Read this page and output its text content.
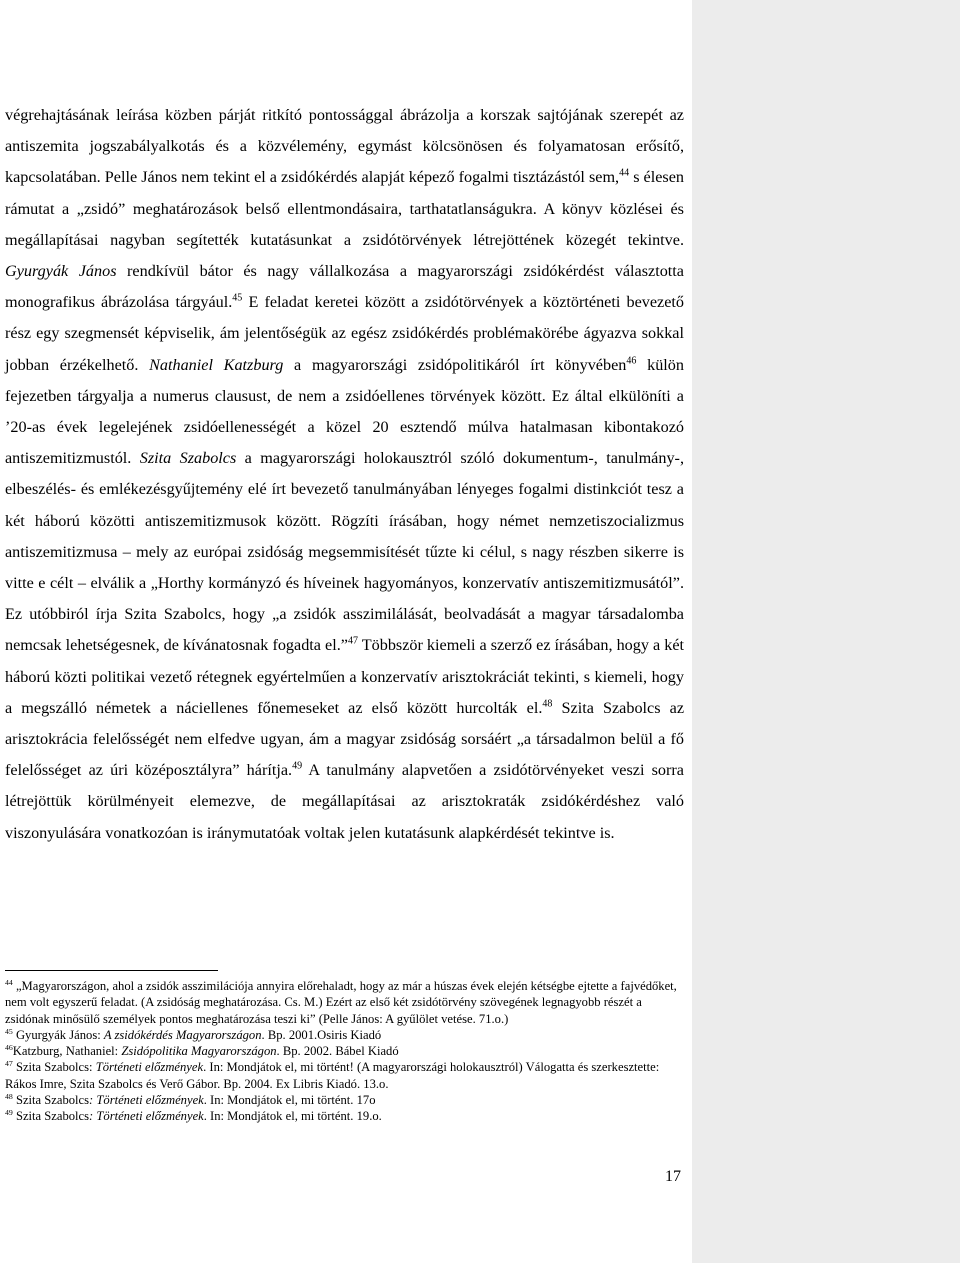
végrehajtásának leírása közben párját ritkító pontossággal ábrázolja a korszak sajtójának szerepét az antiszemita jogszabályalkotás és a közvélemény, egymást kölcsönösen és folyamatosan erősítő, kapcsolatában. Pelle János nem tekint el a zsidókérdés alapját képező fogalmi tisztázástól sem,$^{44}$ s élesen rámutat a „zsidó” meghatározások belső ellentmondásaira, tarthatatlanságukra. A könyv közlései és megállapításai nagyban segítették kutatásunkat a zsidótörvények létrejöttének közegét tekintve. Gyurgyák János rendkívül bátor és nagy vállalkozása a magyarországi zsidókérdést választotta monografikus ábrázolása tárgyául.$^{45}$ E feladat keretei között a zsidótörvények a köztörténeti bevezető rész egy szegmensét képviselik, ám jelentőségük az egész zsidókérdés problémakörébe ágyazva sokkal jobban érzékelhető. Nathaniel Katzburg a magyarországi zsidópolitikáról írt könyvében$^{46}$ külön fejezetben tárgyalja a numerus clausust, de nem a zsidóellenes törvények között. Ez által elkülöníti a ’20-as évek legelejének zsidóellenességét a közel 20 esztendő múlva hatalmasan kibontakozó antiszemitizmustól. Szita Szabolcs a magyarországi holokausztról szóló dokumentum-, tanulmány-, elbeszélés- és emlékezésgyűjtemény elé írt bevezető tanulmányában lényeges fogalmi distinkciót tesz a két háború közötti antiszemitizmusok között. Rögzíti írásában, hogy német nemzetiszocializmus antiszemitizmusa – mely az európai zsidóság megsemmisítését tűzte ki célul, s nagy részben sikerre is vitte e célt – elválik a „Horthy kormányzó és híveinek hagyományos, konzervatív antiszemitizmusától”. Ez utóbbiról írja Szita Szabolcs, hogy „a zsidók asszimilálását, beolvadását a magyar társadalomba nemcsak lehetségesnek, de kívánatosnak fogadta el.”$^{47}$ Többször kiemeli a szerző ez írásában, hogy a két háború közti politikai vezető rétegnek egyértelműen a konzervatív arisztokráciát tekinti, s kiemeli, hogy a megszálló németek a náciellenes főnemeseket az első között hurcolták el.$^{48}$ Szita Szabolcs az arisztokrácia felelősségét nem elfedve ugyan, ám a magyar zsidóság sorsáért „a társadalmon belül a fő felelősséget az úri középosztályra” hárítja.$^{49}$ A tanulmány alapvetően a zsidótörvényeket veszi sorra létrejöttük körülményeit elemezve, de megállapításai az arisztokraták zsidókérdéshez való viszonyulására vonatkozóan is iránymutatóak voltak jelen kutatásunk alapkérdését tekintve is.

$^{44}$ „Magyarországon, ahol a zsidók asszimilációja annyira előrehaladt, hogy az már a húszas évek elején kétségbe ejtette a fajvédőket, nem volt egyszerű feladat. (A zsidóság meghatározása. Cs. M.) Ezért az első két zsidótörvény szövegének legnagyobb részét a zsidónak minősülő személyek pontos meghatározása teszi ki” (Pelle János: A gyűlölet vetése. 71.o.)

$^{45}$ Gyurgyák János: A zsidókérdés Magyarországon. Bp. 2001.Osiris Kiadó

$^{46}$Katzburg, Nathaniel: Zsidópolitika Magyarországon. Bp. 2002. Bábel Kiadó

$^{47}$ Szita Szabolcs: Történeti előzmények. In: Mondjátok el, mi történt! (A magyarországi holokausztról) Válogatta és szerkesztette: Rákos Imre, Szita Szabolcs és Verő Gábor. Bp. 2004. Ex Libris Kiadó. 13.o.

$^{48}$ Szita Szabolcs: Történeti előzmények. In: Mondjátok el, mi történt. 17o

$^{49}$ Szita Szabolcs: Történeti előzmények. In: Mondjátok el, mi történt. 19.o.

17
